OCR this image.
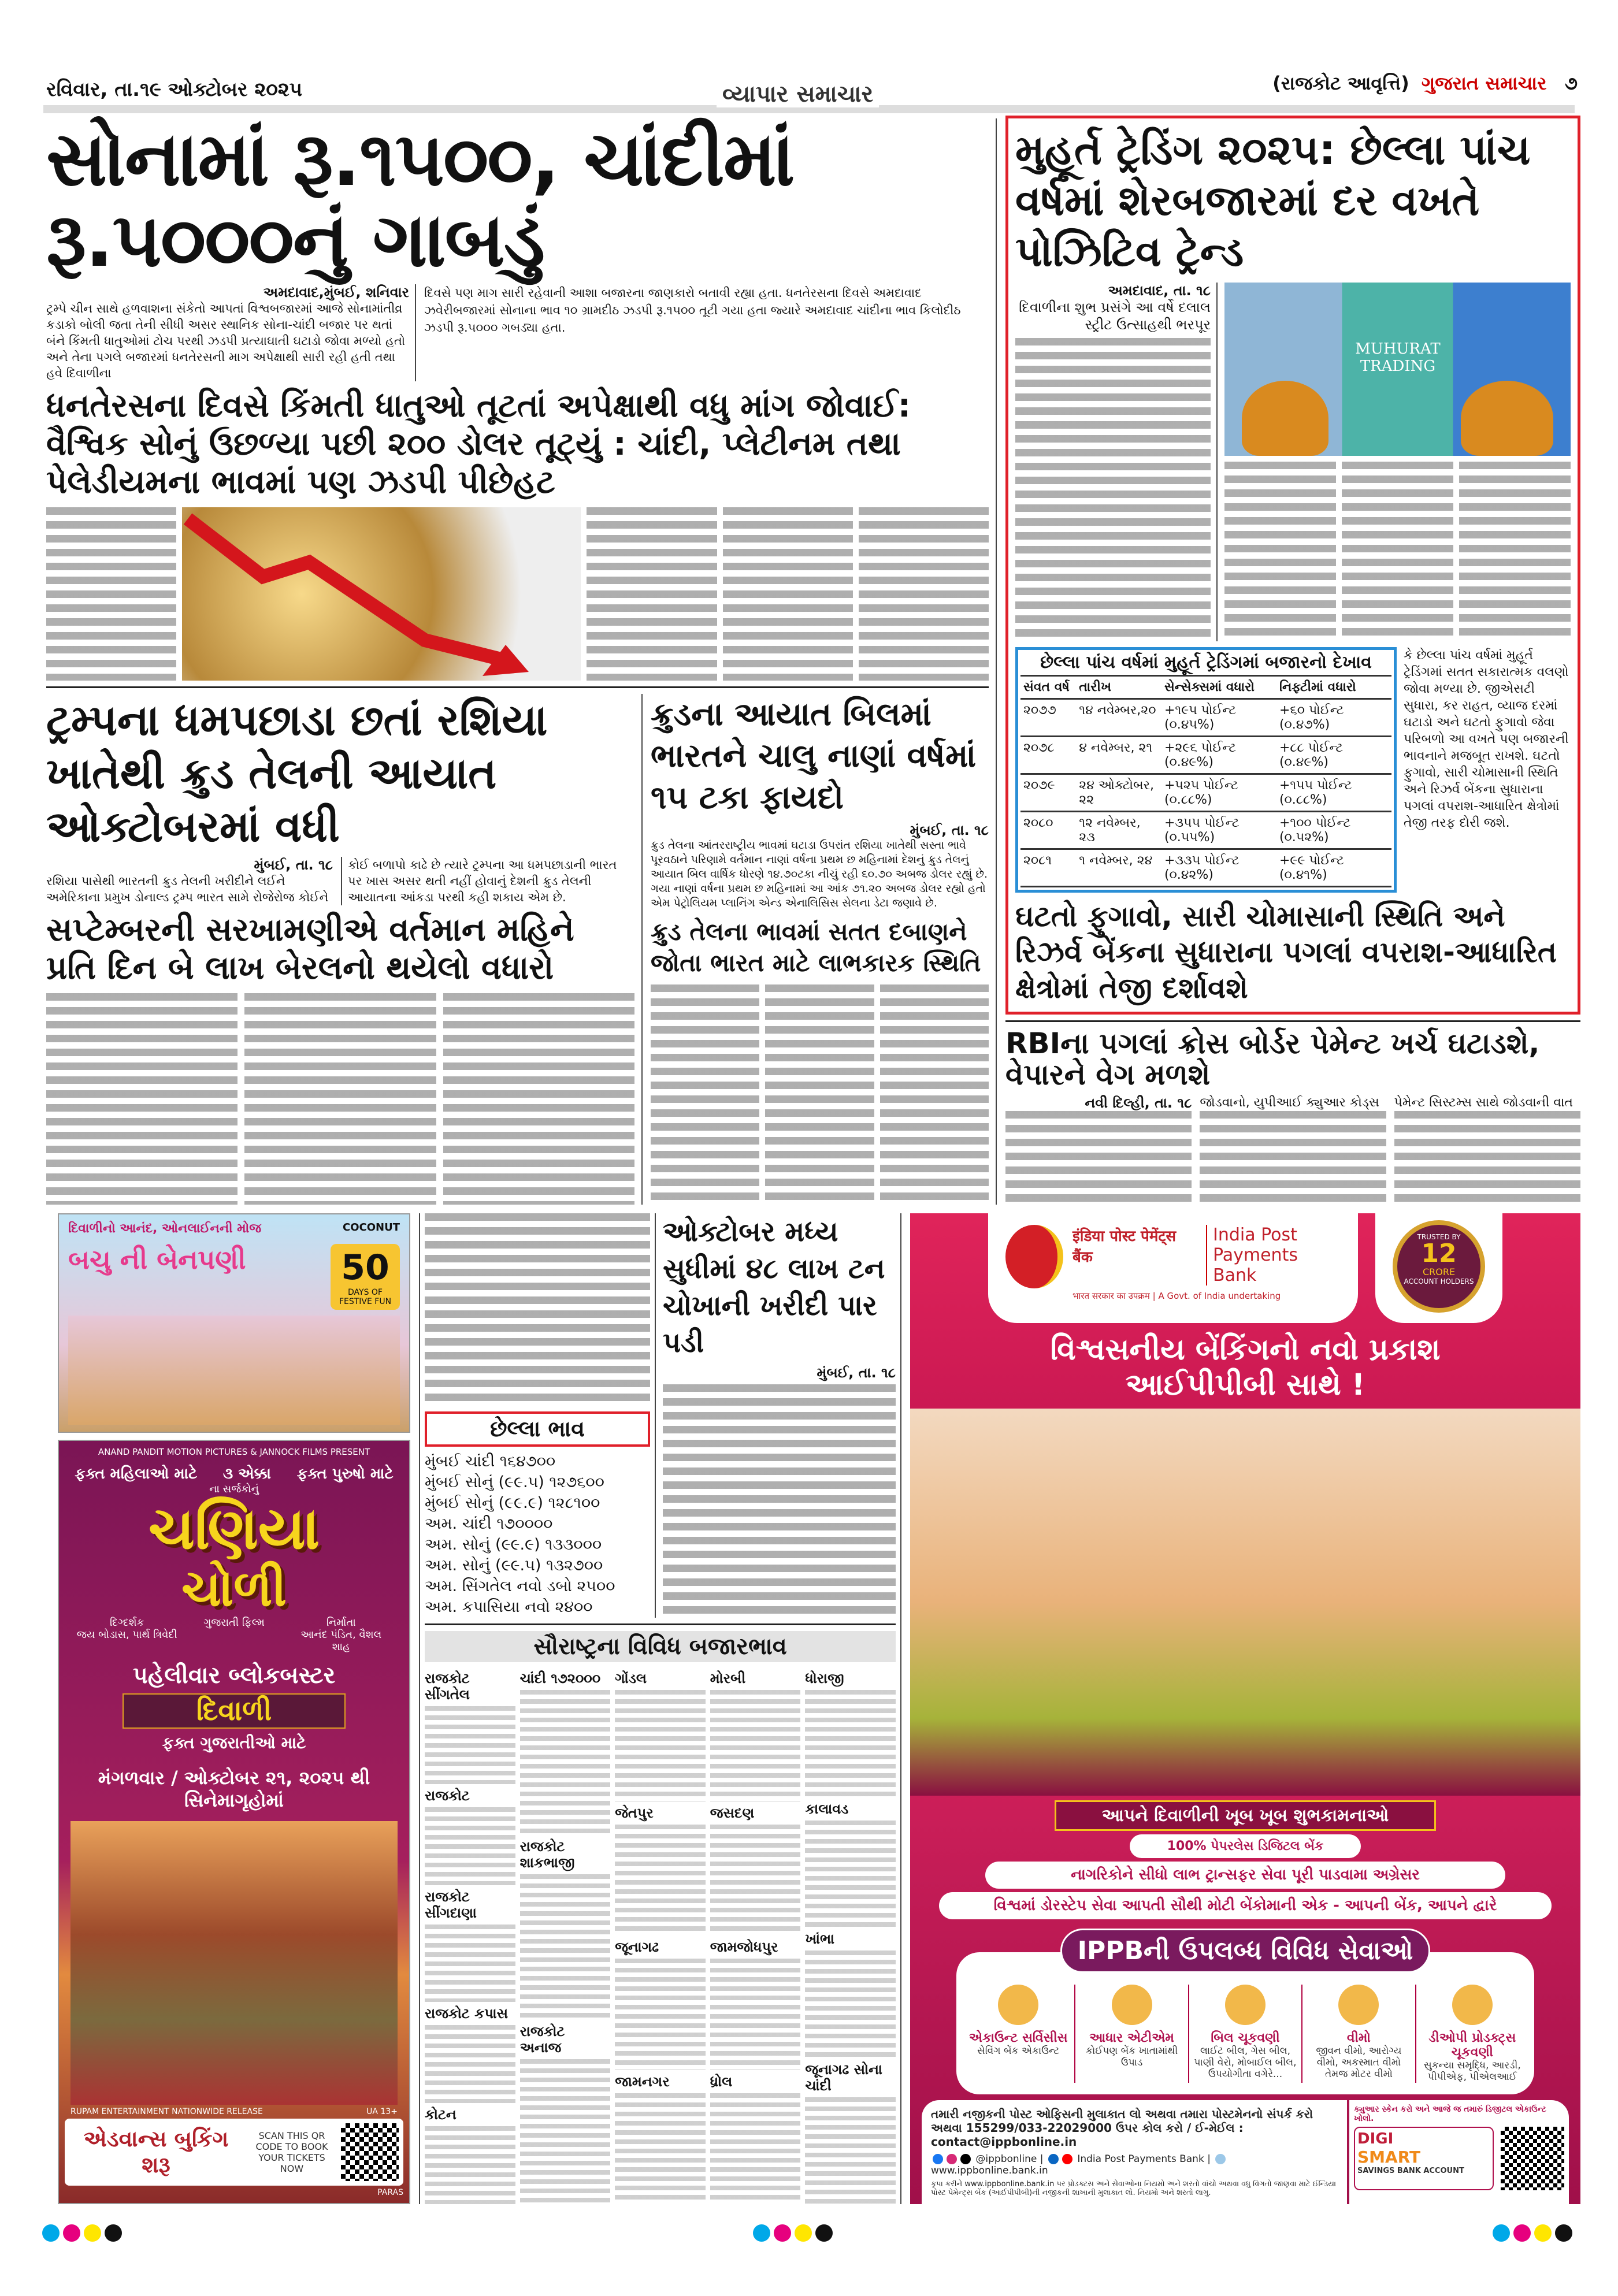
રવિવાર, તા.૧૯ ઓક્ટોબર ૨૦૨૫	વ્યાપાર સમાચાર	(રાજકોટ આવૃત્તિ) ગુજરાત સમાચાર ૭
સોનામાં રૂ.૧૫૦૦, ચાંદીમાં રૂ.૫૦૦૦નું ગાબડું
અમદાવાદ,મુંબઈ, શનિવાર
ટ્રમ્પે ચીન સાથે હળવાશના સંકેતો આપતાં વિશ્વબજારમાં આજે સોનામાંતીવ્ર કડાકો બોલી જતા તેની સીધી અસર સ્થાનિક સોના-ચાંદી બજાર પર થતાં બંને કિંમતી ધાતુઓમાં ટોચ પરથી ઝડપી પ્રત્યાઘાતી ઘટાડો જોવા મળ્યો હતો અને તેના પગલે બજારમાં ધનતેરસની માગ અપેક્ષાથી સારી રહી હતી તથા હવે દિવાળીના
દિવસે પણ માગ સારી રહેવાની આશા બજારના જાણકારો બતાવી રહ્યા હતા. ધનતેરસના દિવસે અમદાવાદ ઝવેરીબજારમાં સોનાના ભાવ ૧૦ ગ્રામદીઠ ઝડપી રૂ.૧૫૦૦ તૂટી ગયા હતા જ્યારે અમદાવાદ ચાંદીના ભાવ કિલોદીઠ ઝડપી રૂ.૫૦૦૦ ગબડ્યા હતા.
ધનતેરસના દિવસે કિંમતી ધાતુઓ તૂટતાં અપેક્ષાથી વધુ માંગ જોવાઈ: વૈશ્વિક સોનું ઉછળ્યા પછી ૨૦૦ ડોલર તૂટ્યું : ચાંદી, પ્લેટીનમ તથા પેલેડીયમના ભાવમાં પણ ઝડપી પીછેહટ
ટ્રમ્પના ધમપછાડા છતાં રશિયા ખાતેથી ક્રુડ તેલની આયાત ઓક્ટોબરમાં વધી
મુંબઈ, તા. ૧૮
રશિયા પાસેથી ભારતની ક્રુડ તેલની ખરીદીને લઈને અમેરિકાના પ્રમુખ ડોનાલ્ડ ટ્રમ્પ ભારત સામે રોજેરોજ કોઈને
કોઈ બળાપો કાઢે છે ત્યારે ટ્રમ્પના આ ધમપછાડાની ભારત પર ખાસ અસર થતી નહીં હોવાનું દેશની ક્રુડ તેલની આયાતના આંકડા પરથી કહી શકાય એમ છે.
સપ્ટેમ્બરની સરખામણીએ વર્તમાન મહિને પ્રતિ દિન બે લાખ બેરલનો થયેલો વધારો
ક્રુડના આયાત બિલમાં ભારતને ચાલુ નાણાં વર્ષમાં ૧૫ ટકા ફાયદો
મુંબઈ, તા. ૧૮
ક્રુડ તેલના આંતરરાષ્ટ્રીય ભાવમાં ઘટાડા ઉપરાંત રશિયા ખાતેથી સસ્તા ભાવે પૂરવઠાને પરિણામે વર્તમાન નાણાં વર્ષના પ્રથમ છ મહિનામાં દેશનું ક્રુડ તેલનું આયાત બિલ વાર્ષિક ધોરણે ૧૪.૭૦ટકા નીચું રહી ૬૦.૭૦ અબજ ડોલર રહ્યું છે. ગયા નાણાં વર્ષના પ્રથમ છ મહિનામાં આ આંક ૭૧.૨૦ અબજ ડોલર રહ્યો હતો એમ પેટ્રોલિયમ પ્લાનિંગ એન્ડ એનાલિસિસ સેલના ડેટા જણાવે છે.
ક્રુડ તેલના ભાવમાં સતત દબાણને જોતા ભારત માટે લાભકારક સ્થિતિ
મુહૂર્ત ટ્રેડિંગ ૨૦૨૫: છેલ્લા પાંચ વર્ષમાં શેરબજારમાં દર વખતે પોઝિટિવ ટ્રેન્ડ
અમદાવાદ, તા. ૧૮
દિવાળીના શુભ પ્રસંગે આ વર્ષે દલાલ સ્ટ્રીટ ઉત્સાહથી ભરપૂર
MUHURAT TRADING
છેલ્લા પાંચ વર્ષમાં મુહૂર્ત ટ્રેડિંગમાં બજારનો દેખાવ
સંવત વર્ષ	તારીખ	સેન્સેક્સમાં વધારો	નિફ્ટીમાં વધારો
૨૦૭૭	૧૪ નવેમ્બર,૨૦	+૧૯૫ પોઈન્ટ (૦.૪૫%)	+૬૦ પોઈન્ટ (૦.૪૭%)
૨૦૭૮	૪ નવેમ્બર, ૨૧	+૨૯૬ પોઈન્ટ (૦.૪૯%)	+૮૮ પોઈન્ટ (૦.૪૯%)
૨૦૭૯	૨૪ ઓક્ટોબર, ૨૨	+૫૨૫ પોઈન્ટ (૦.૮૮%)	+૧૫૫ પોઈન્ટ (૦.૮૮%)
૨૦૮૦	૧૨ નવેમ્બર, ૨૩	+૩૫૫ પોઈન્ટ (૦.૫૫%)	+૧૦૦ પોઈન્ટ (૦.૫૨%)
૨૦૮૧	૧ નવેમ્બર, ૨૪	+૩૩૫ પોઈન્ટ (૦.૪૨%)	+૯૯ પોઈન્ટ (૦.૪૧%)
કે છેલ્લા પાંચ વર્ષમાં મુહૂર્ત ટ્રેડિંગમાં સતત સકારાત્મક વલણો જોવા મળ્યા છે. જીએસટી સુધારા, કર રાહત, વ્યાજ દરમાં ઘટાડો અને ઘટતો ફુગાવો જેવા પરિબળો આ વખતે પણ બજારની ભાવનાને મજબૂત રાખશે. ઘટતો ફુગાવો, સારી ચોમાસાની સ્થિતિ અને રિઝર્વ બેંકના સુધારાના પગલાં વપરાશ-આધારિત ક્ષેત્રોમાં તેજી તરફ દોરી જશે.
ઘટતો ફુગાવો, સારી ચોમાસાની સ્થિતિ અને રિઝર્વ બેંકના સુધારાના પગલાં વપરાશ-આધારિત ક્ષેત્રોમાં તેજી દર્શાવશે
RBIના પગલાં ક્રોસ બોર્ડર પેમેન્ટ ખર્ચ ઘટાડશે, વેપારને વેગ મળશે
નવી દિલ્હી, તા. ૧૮ જોડવાનો, યુપીઆઈ ક્યુઆર કોડ્સ	પેમેન્ટ સિસ્ટમ્સ સાથે જોડવાની વાત
દિવાળીનો આનંદ, ઓનલાઈનની મોજ	COCONUT
બચુ ની બેનપણી	50
DAYS OF FESTIVE FUN
ANAND PANDIT MOTION PICTURES & JANNOCK FILMS PRESENT
ફક્ત મહિલાઓ માટે ૩ એક્કા ફક્ત પુરુષો માટે
ના સર્જકોનું
ચણિયા
ચોળી
દિગ્દર્શક
જય બોડાસ, પાર્થ ત્રિવેદી
ગુજરાતી ફિલ્મ	નિર્માતા
આનંદ પંડિત, વૈશલ શાહ
પહેલીવાર બ્લોકબસ્ટર
દિવાળી
ફક્ત ગુજરાતીઓ માટે
મંગળવાર / ઓક્ટોબર ૨૧, ૨૦૨૫ થી
સિનેમાગૃહોમાં
RUPAM ENTERTAINMENT NATIONWIDE RELEASE	UA 13+
એડવાન્સ બુકિંગ શરૂ
SCAN THIS QR CODE TO BOOK YOUR TICKETS NOW
PARAS
છેલ્લા ભાવ
મુંબઈ ચાંદી ૧૬૪૭૦૦
મુંબઈ સોનું (૯૯.૫) ૧૨૭૬૦૦
મુંબઈ સોનું (૯૯.૯) ૧૨૮૧૦૦
અમ. ચાંદી ૧૭૦૦૦૦
અમ. સોનું (૯૯.૯) ૧૩૩૦૦૦
અમ. સોનું (૯૯.૫) ૧૩૨૭૦૦
અમ. સિંગતેલ નવો ડબો ૨૫૦૦
અમ. કપાસિયા નવો ૨૪૦૦
ઓક્ટોબર મધ્ય સુધીમાં ૪૮ લાખ ટન ચોખાની ખરીદી પાર પડી
મુંબઈ, તા. ૧૮
સૌરાષ્ટ્રના વિવિધ બજારભાવ
રાજકોટ સીંગતેલ
રાજકોટ
રાજકોટ સીંગદાણા
રાજકોટ કપાસ
કોટન
ચાંદી ૧૭૨૦૦૦
રાજકોટ શાકભાજી
રાજકોટ અનાજ
ગોંડલ
જેતપુર
જૂનાગઢ
જામનગર
મોરબી
જસદણ
જામજોધપુર
ધ્રોલ
ધોરાજી
કાલાવડ
ખાંભા
જૂનાગઢ સોના ચાંદી
इंडिया पोस्ट पेमेंट्स बैंक
India Post Payments Bank
भारत सरकार का उपक्रम | A Govt. of India undertaking
TRUSTED BY
12
CRORE
ACCOUNT HOLDERS
વિશ્વસનીય બેંકિંગનો નવો પ્રકાશ
આઈપીપીબી સાથે !
આપને દિવાળીની ખૂબ ખૂબ શુભકામનાઓ
100% પેપરલેસ ડિજિટલ બેંક
નાગરિકોને સીધો લાભ ટ્રાન્સફર સેવા પૂરી પાડવામા અગ્રેસર
વિશ્વમાં ડોરસ્ટેપ સેવા આપતી સૌથી મોટી બેંકોમાની એક - આપની બેંક, આપને દ્વારે
IPPBની ઉપલબ્ધ વિવિધ સેવાઓ
એકાઉન્ટ સર્વિસીસ
સેવિંગ બેંક એકાઉન્ટ
આધાર એટીએમ
કોઈપણ બેંક ખાતામાંથી ઉપાડ
બિલ ચૂકવણી
લાઈટ બીલ, ગેસ બીલ, પાણી વેરો, મોબાઈલ બીલ, ઉપયોગીતા વગેરે...
વીમો
જીવન વીમો, આરોગ્ય વીમો, અકસ્માત વીમો તેમજ મોટર વીમો
ડીઓપી પ્રોડક્ટ્સ ચૂકવણી
સુકન્યા સમૃદ્ધિ, આરડી, પીપીએફ, પીએલઆઈ
તમારી નજીકની પોસ્ટ ઓફિસની મુલાકાત લો અથવા તમારા પોસ્ટમેનનો સંપર્ક કરો અથવા 155299/033-22029000 ઉપર કોલ કરો / ઈ-મેઈલ : contact@ippbonline.in
@ippbonline |	India Post Payments Bank | www.ippbonline.bank.in
કૃપા કરીને www.ippbonline.bank.in પર પ્રોડક્ટસ અને સેવાઓના નિયમો અને શરતો વાંચો અથવા વધુ વિગતો જાણવા માટે ઈન્ડિયા પોસ્ટ પેમેન્ટ્સ બેંક (આઈપીપીબી)ની નજીકની શાખાની મુલાકાત લો. નિયમો અને શરતો લાગુ.
ક્યુઆર સ્કેન કરો અને આજે જ તમારું ડિજીટલ એકાઉન્ટ ખોલો.
DIGI
SMART
SAVINGS BANK ACCOUNT
